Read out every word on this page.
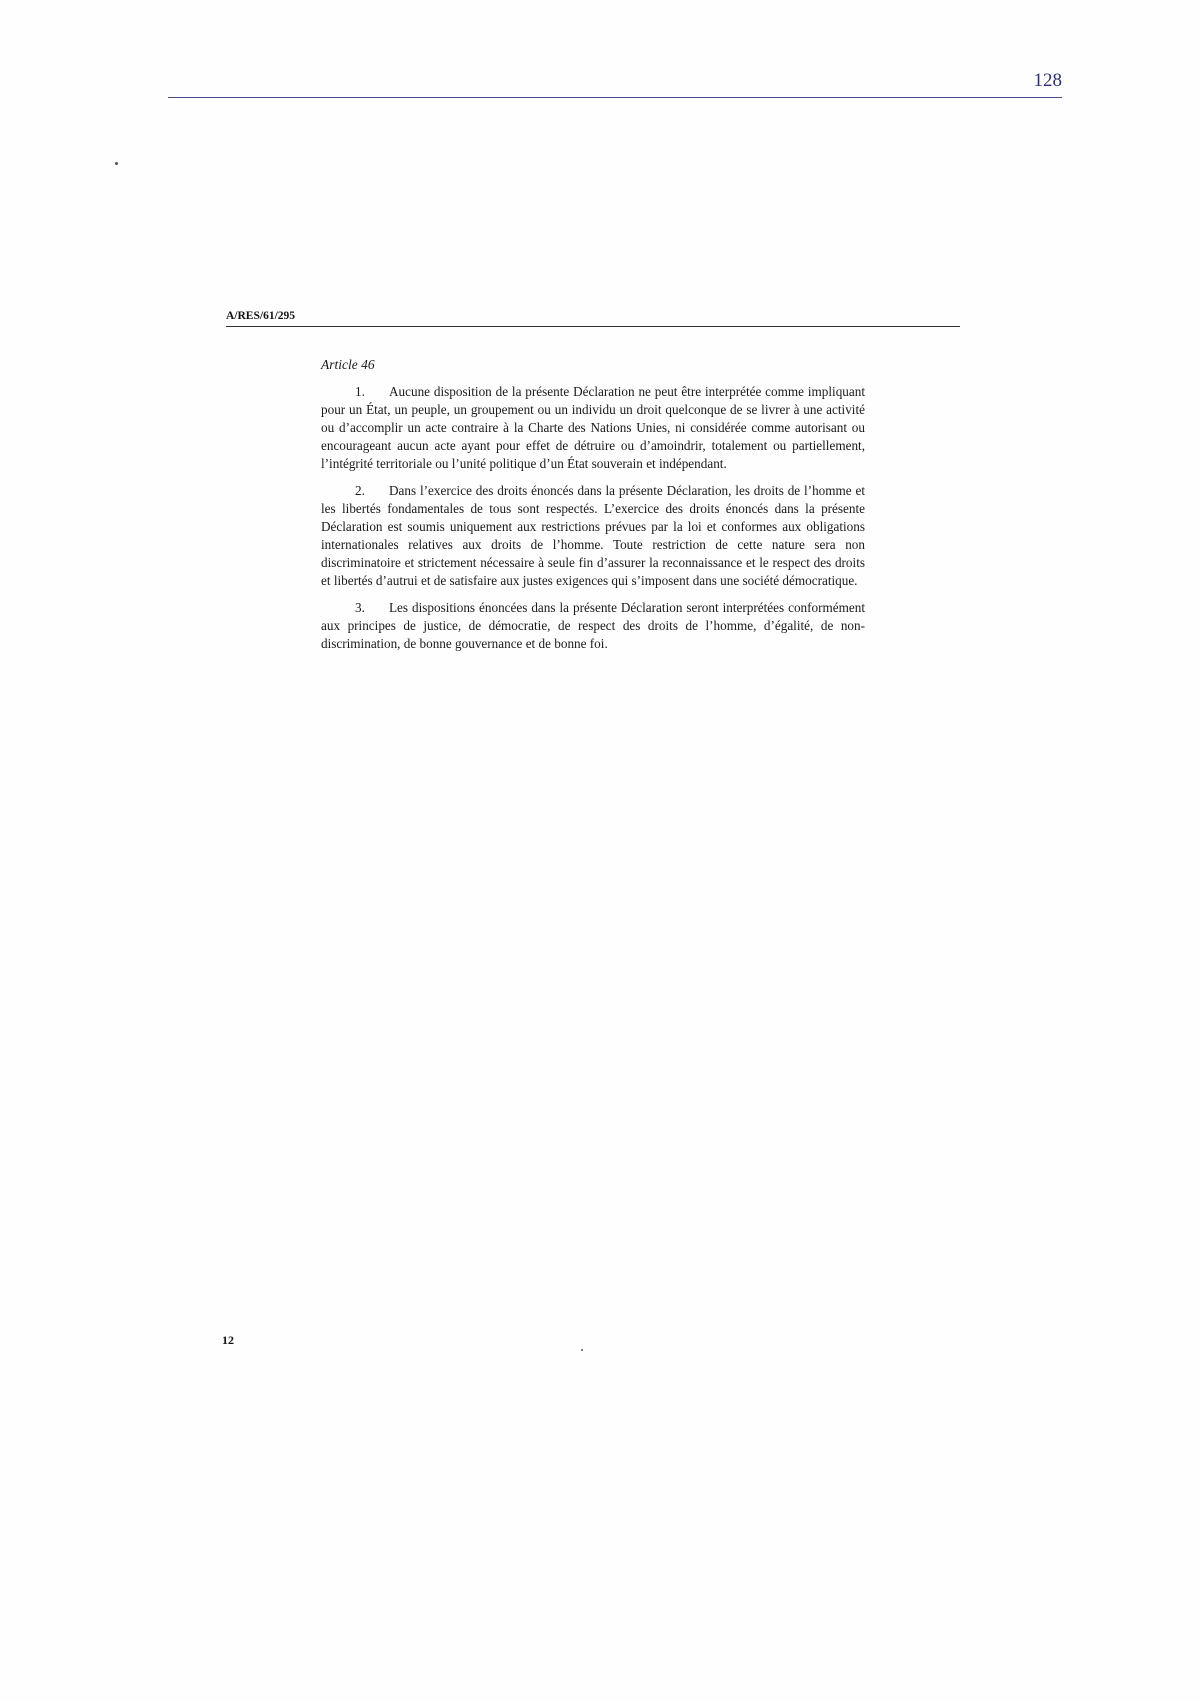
128
A/RES/61/295

Article 46

1. Aucune disposition de la présente Déclaration ne peut être interprétée comme impliquant pour un État, un peuple, un groupement ou un individu un droit quelconque de se livrer à une activité ou d’accomplir un acte contraire à la Charte des Nations Unies, ni considérée comme autorisant ou encourageant aucun acte ayant pour effet de détruire ou d’amoindrir, totalement ou partiellement, l’intégrité territoriale ou l’unité politique d’un État souverain et indépendant.

2. Dans l’exercice des droits énoncés dans la présente Déclaration, les droits de l’homme et les libertés fondamentales de tous sont respectés. L’exercice des droits énoncés dans la présente Déclaration est soumis uniquement aux restrictions prévues par la loi et conformes aux obligations internationales relatives aux droits de l’homme. Toute restriction de cette nature sera non discriminatoire et strictement nécessaire à seule fin d’assurer la reconnaissance et le respect des droits et libertés d’autrui et de satisfaire aux justes exigences qui s’imposent dans une société démocratique.

3. Les dispositions énoncées dans la présente Déclaration seront interprétées conformément aux principes de justice, de démocratie, de respect des droits de l’homme, d’égalité, de non-discrimination, de bonne gouvernance et de bonne foi.

12
